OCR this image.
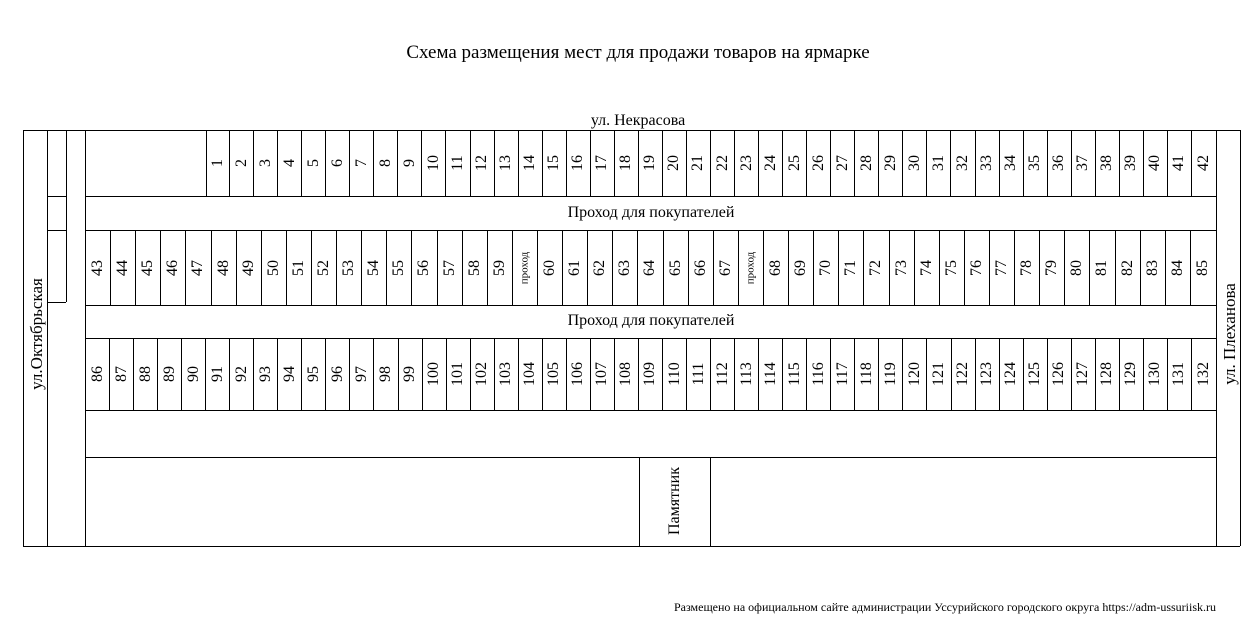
Схема размещения мест для продажи товаров на ярмарке
ул. Некрасова
Проход для покупателей
Проход для покупателей
1 2 3 4 5 6 7 8 9 10 11 12 13 14 15 16 17 18 19 20 21 22 23 24 25 26 27 28 29 30 31 32 33 34 35 36 37 38 39 40 41 42
43 44 45 46 47 48 49 50 51 52 53 54 55 56 57 58 59 проход 60 61 62 63 64 65 66 67 проход 68 69 70 71 72 73 74 75 76 77 78 79 80 81 82 83 84 85
86 87 88 89 90 91 92 93 94 95 96 97 98 99 100 101 102 103 104 105 106 107 108 109 110 111 112 113 114 115 116 117 118 119 120 121 122 123 124 125 126 127 128 129 130 131 132
ул.Октябрьская	ул. Плеханова
Памятник
Размещено на официальном сайте администрации Уссурийского городского округа https://adm-ussuriisk.ru
